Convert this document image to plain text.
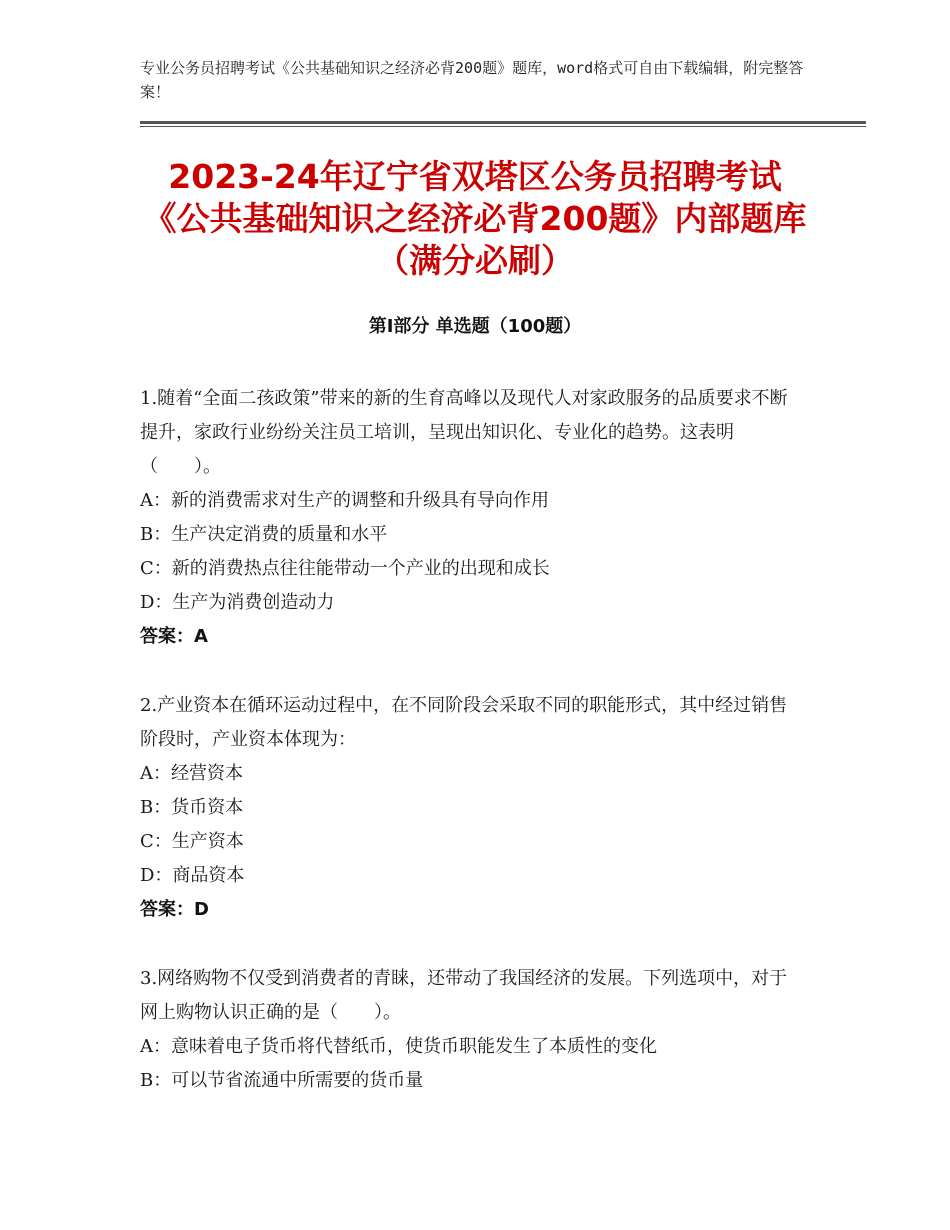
专业公务员招聘考试《公共基础知识之经济必背200题》题库，word格式可自由下载编辑，附完整答案！
2023-24年辽宁省双塔区公务员招聘考试《公共基础知识之经济必背200题》内部题库（满分必刷）
第Ⅰ部分 单选题（100题）
1.随着“全面二孩政策”带来的新的生育高峰以及现代人对家政服务的品质要求不断提升，家政行业纷纷关注员工培训，呈现出知识化、专业化的趋势。这表明（　　）。
A：新的消费需求对生产的调整和升级具有导向作用
B：生产决定消费的质量和水平
C：新的消费热点往往能带动一个产业的出现和成长
D：生产为消费创造动力
答案：A
2.产业资本在循环运动过程中，在不同阶段会采取不同的职能形式，其中经过销售阶段时，产业资本体现为：
A：经营资本
B：货币资本
C：生产资本
D：商品资本
答案：D
3.网络购物不仅受到消费者的青睐，还带动了我国经济的发展。下列选项中，对于网上购物认识正确的是（　　）。
A：意味着电子货币将代替纸币，使货币职能发生了本质性的变化
B：可以节省流通中所需要的货币量
